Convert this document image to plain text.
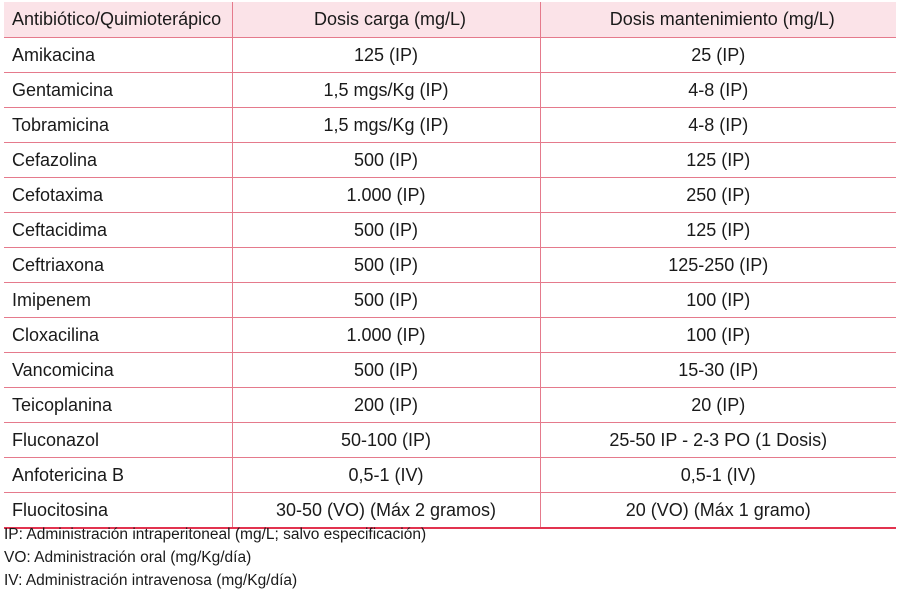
Antibiótico/Quimioterápico	Dosis carga (mg/L)	Dosis mantenimiento (mg/L)
Amikacina	125 (IP)	25 (IP)
Gentamicina	1,5 mgs/Kg (IP)	4-8 (IP)
Tobramicina	1,5 mgs/Kg (IP)	4-8 (IP)
Cefazolina	500 (IP)	125 (IP)
Cefotaxima	1.000 (IP)	250 (IP)
Ceftacidima	500 (IP)	125 (IP)
Ceftriaxona	500 (IP)	125-250 (IP)
Imipenem	500 (IP)	100 (IP)
Cloxacilina	1.000 (IP)	100 (IP)
Vancomicina	500 (IP)	15-30 (IP)
Teicoplanina	200 (IP)	20 (IP)
Fluconazol	50-100 (IP)	25-50 IP - 2-3 PO (1 Dosis)
Anfotericina B	0,5-1 (IV)	0,5-1 (IV)
Fluocitosina	30-50 (VO) (Máx 2 gramos)	20 (VO) (Máx 1 gramo)
IP: Administración intraperitoneal (mg/L; salvo especificación)
VO: Administración oral (mg/Kg/día)
IV: Administración intravenosa (mg/Kg/día)
